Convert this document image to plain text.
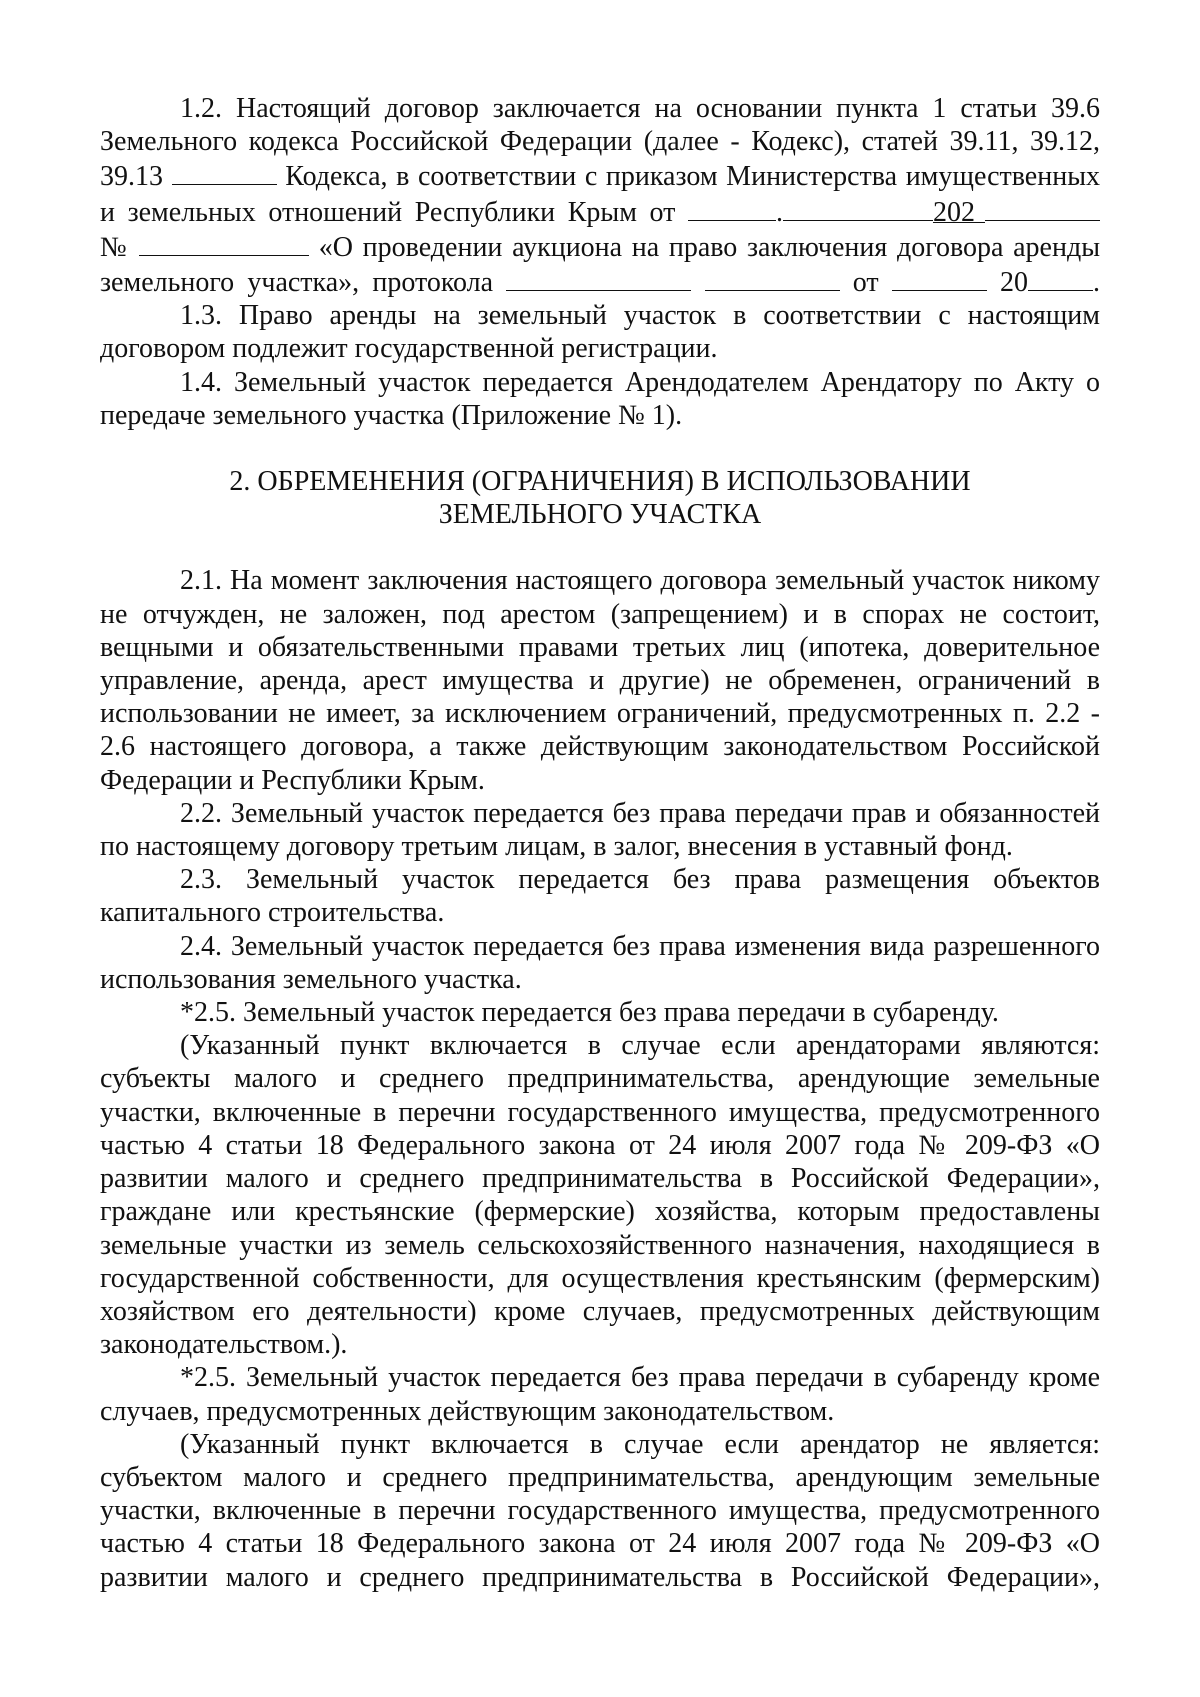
1.2. Настоящий договор заключается на основании пункта 1 статьи 39.6

Земельного кодекса Российской Федерации (далее - Кодекс), статей 39.11, 39.12,

39.13	Кодекса, в соответствии с приказом Министерства имущественных

и земельных отношений Республики Крым от	.	202

№	«О проведении аукциона на право заключения договора аренды

земельного участка», протокола	от	20 .

1.3. Право аренды на земельный участок в соответствии с настоящим договором подлежит государственной регистрации.

1.4. Земельный участок передается Арендодателем Арендатору по Акту о передаче земельного участка (Приложение № 1).

2. ОБРЕМЕНЕНИЯ (ОГРАНИЧЕНИЯ) В ИСПОЛЬЗОВАНИИ

ЗЕМЕЛЬНОГО УЧАСТКА

2.1. На момент заключения настоящего договора земельный участок никому не отчужден, не заложен, под арестом (запрещением) и в спорах не состоит, вещными и обязательственными правами третьих лиц (ипотека, доверительное управление, аренда, арест имущества и другие) не обременен, ограничений в использовании не имеет, за исключением ограничений, предусмотренных п. 2.2 - 2.6 настоящего договора, а также действующим законодательством Российской Федерации и Республики Крым.

2.2. Земельный участок передается без права передачи прав и обязанностей по настоящему договору третьим лицам, в залог, внесения в уставный фонд.

2.3. Земельный участок передается без права размещения объектов капитального строительства.

2.4. Земельный участок передается без права изменения вида разрешенного использования земельного участка.

*2.5. Земельный участок передается без права передачи в субаренду.

(Указанный пункт включается в случае если арендаторами являются: субъекты малого и среднего предпринимательства, арендующие земельные участки, включенные в перечни государственного имущества, предусмотренного частью 4 статьи 18 Федерального закона от 24 июля 2007 года № 209-ФЗ «О развитии малого и среднего предпринимательства в Российской Федерации», граждане или крестьянские (фермерские) хозяйства, которым предоставлены земельные участки из земель сельскохозяйственного назначения, находящиеся в государственной собственности, для осуществления крестьянским (фермерским) хозяйством его деятельности) кроме случаев, предусмотренных действующим законодательством.).

*2.5. Земельный участок передается без права передачи в субаренду кроме случаев, предусмотренных действующим законодательством.

(Указанный пункт включается в случае если арендатор не является: субъектом малого и среднего предпринимательства, арендующим земельные участки, включенные в перечни государственного имущества, предусмотренного частью 4 статьи 18 Федерального закона от 24 июля 2007 года № 209-ФЗ «О развитии малого и среднего предпринимательства в Российской Федерации»,
